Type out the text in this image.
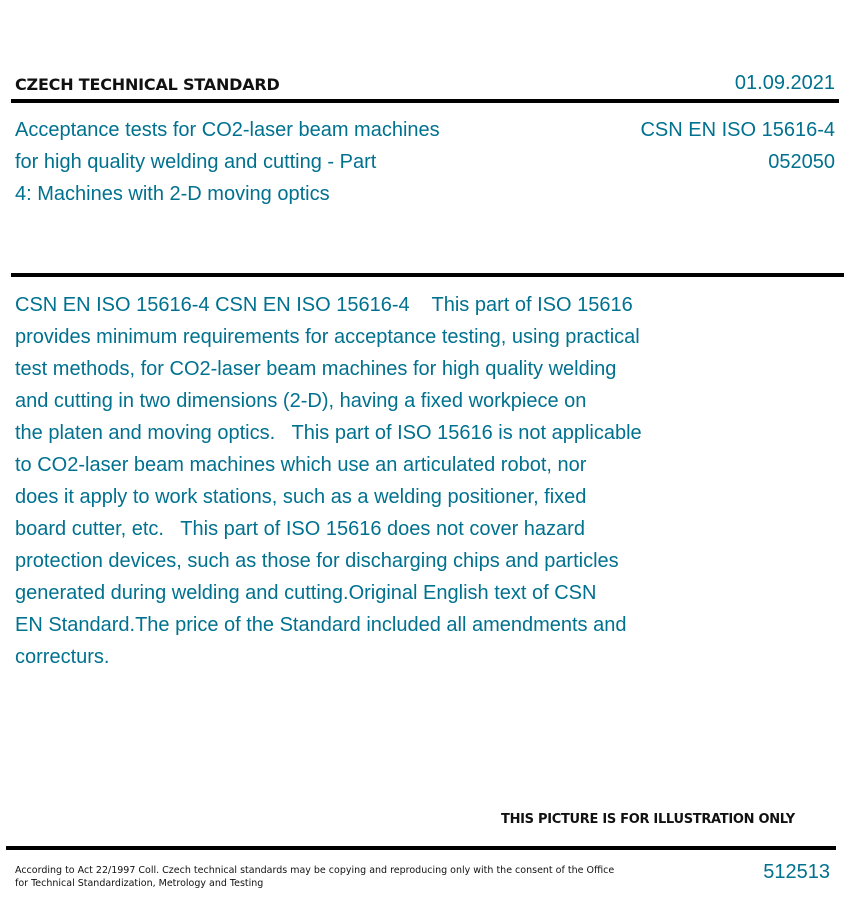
CZECH TECHNICAL STANDARD	01.09.2021
Acceptance tests for CO2-laser beam machines
for high quality welding and cutting - Part
4: Machines with 2-D moving optics
CSN EN ISO 15616-4
052050
CSN EN ISO 15616-4 CSN EN ISO 15616-4    This part of ISO 15616
provides minimum requirements for acceptance testing, using practical
test methods, for CO2-laser beam machines for high quality welding
and cutting in two dimensions (2-D), having a fixed workpiece on
the platen and moving optics.   This part of ISO 15616 is not applicable
to CO2-laser beam machines which use an articulated robot, nor
does it apply to work stations, such as a welding positioner, fixed
board cutter, etc.   This part of ISO 15616 does not cover hazard
protection devices, such as those for discharging chips and particles
generated during welding and cutting.Original English text of CSN
EN Standard.The price of the Standard included all amendments and
correcturs.
THIS PICTURE IS FOR ILLUSTRATION ONLY
According to Act 22/1997 Coll. Czech technical standards may be copying and reproducing only with the consent of the Office
for Technical Standardization, Metrology and Testing
512513
